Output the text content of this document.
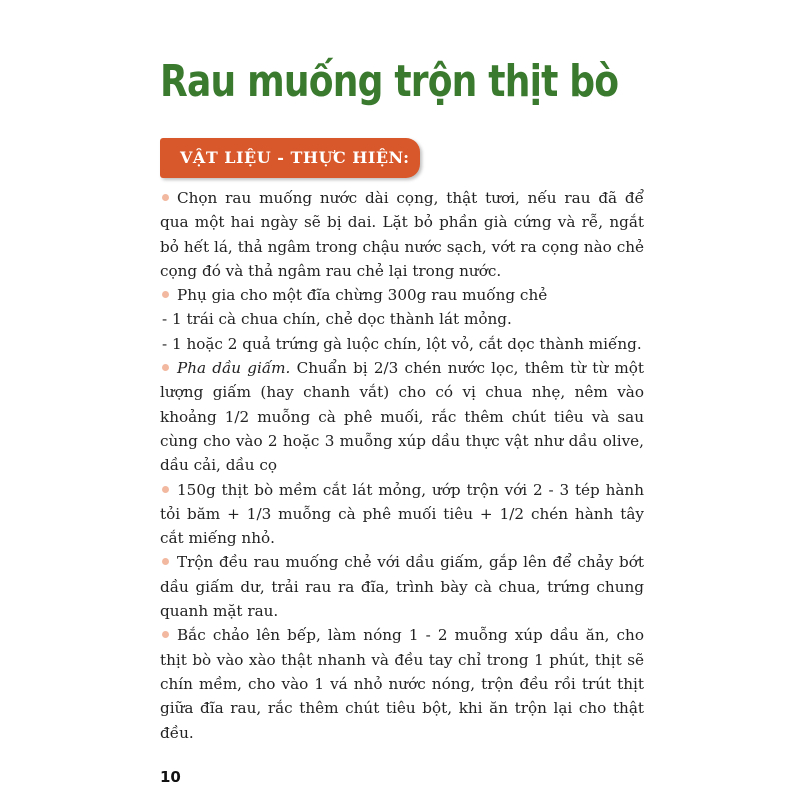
Rau muống trộn thịt bò
VẬT LIỆU - THỰC HIỆN:

Chọn rau muống nước dài cọng, thật tươi, nếu rau đã để qua một hai ngày sẽ bị dai. Lặt bỏ phần già cứng và rễ, ngắt bỏ hết lá, thả ngâm trong chậu nước sạch, vớt ra cọng nào chẻ cọng đó và thả ngâm rau chẻ lại trong nước.

Phụ gia cho một đĩa chừng 300g rau muống chẻ

- 1 trái cà chua chín, chẻ dọc thành lát mỏng.

- 1 hoặc 2 quả trứng gà luộc chín, lột vỏ, cắt dọc thành miếng.

Pha dầu giấm. Chuẩn bị 2/3 chén nước lọc, thêm từ từ một lượng giấm (hay chanh vắt) cho có vị chua nhẹ, nêm vào khoảng 1/2 muỗng cà phê muối, rắc thêm chút tiêu và sau cùng cho vào 2 hoặc 3 muỗng xúp dầu thực vật như dầu olive, dầu cải, dầu cọ

150g thịt bò mềm cắt lát mỏng, ướp trộn với 2 - 3 tép hành tỏi băm + 1/3 muỗng cà phê muối tiêu + 1/2 chén hành tây cắt miếng nhỏ.

Trộn đều rau muống chẻ với dầu giấm, gắp lên để chảy bớt dầu giấm dư, trải rau ra đĩa, trình bày cà chua, trứng chung quanh mặt rau.

Bắc chảo lên bếp, làm nóng 1 - 2 muỗng xúp dầu ăn, cho thịt bò vào xào thật nhanh và đều tay chỉ trong 1 phút, thịt sẽ chín mềm, cho vào 1 vá nhỏ nước nóng, trộn đều rồi trút thịt giữa đĩa rau, rắc thêm chút tiêu bột, khi ăn trộn lại cho thật đều.

10
